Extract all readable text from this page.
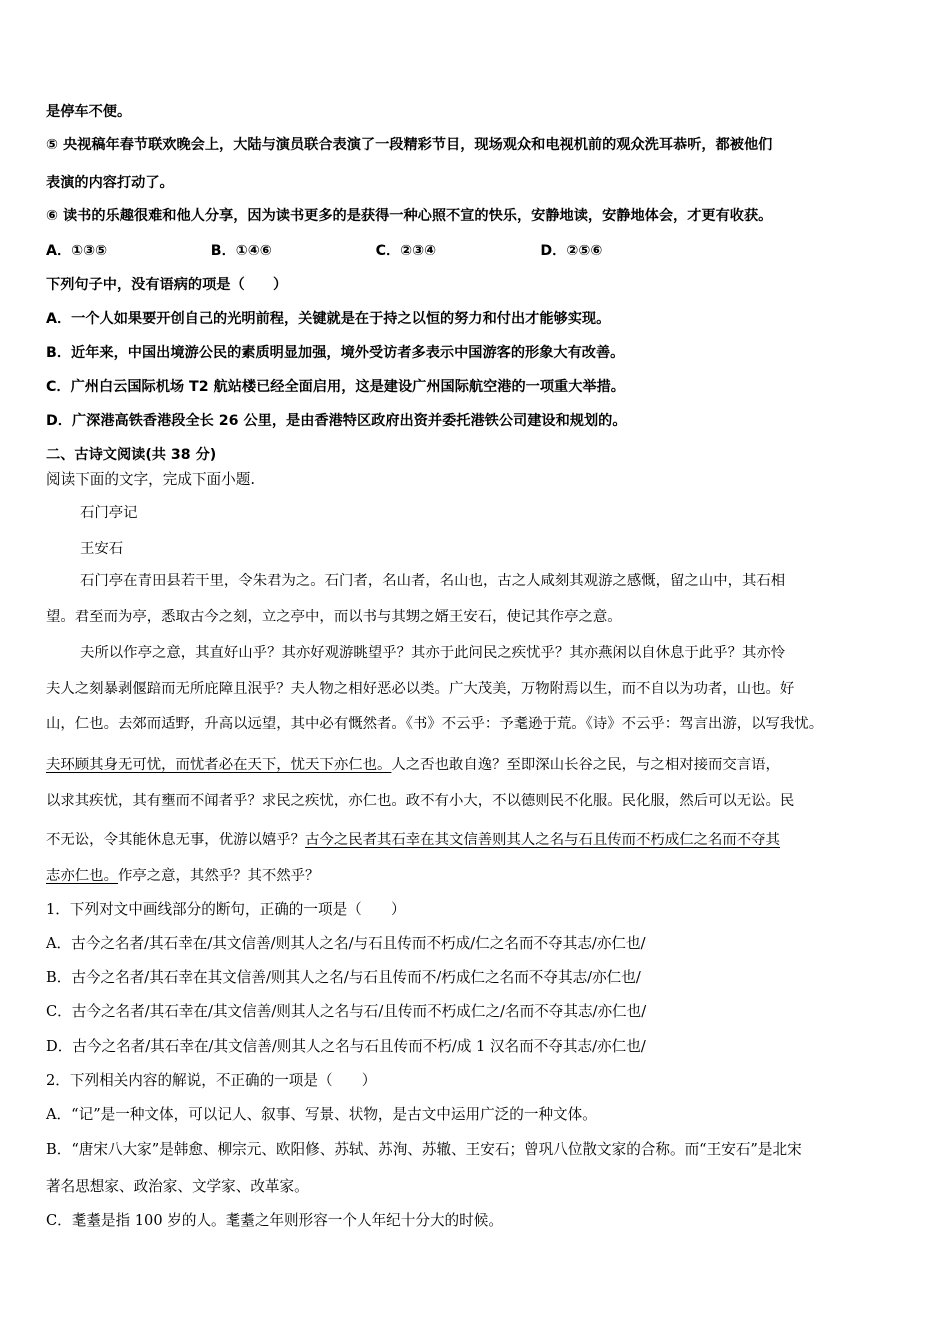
是停车不便。
⑤ 央视稿年春节联欢晚会上，大陆与演员联合表演了一段精彩节目，现场观众和电视机前的观众洗耳恭听，都被他们
表演的内容打动了。
⑥ 读书的乐趣很难和他人分享，因为读书更多的是获得一种心照不宣的快乐，安静地读，安静地体会，才更有收获。
A．①③⑤	B．①④⑥	C．②③④	D．②⑤⑥
下列句子中，没有语病的项是（　　）
A．一个人如果要开创自己的光明前程，关键就是在于持之以恒的努力和付出才能够实现。
B．近年来，中国出境游公民的素质明显加强，境外受访者多表示中国游客的形象大有改善。
C．广州白云国际机场 T2 航站楼已经全面启用，这是建设广州国际航空港的一项重大举措。
D．广深港高铁香港段全长 26 公里，是由香港特区政府出资并委托港铁公司建设和规划的。
二、古诗文阅读(共 38 分)
阅读下面的文字，完成下面小题.
石门亭记
王安石
石门亭在青田县若干里，令朱君为之。石门者，名山者，名山也，古之人咸刻其观游之感慨，留之山中，其石相
望。君至而为亭，悉取古今之刻，立之亭中，而以书与其甥之婿王安石，使记其作亭之意。
夫所以作亭之意，其直好山乎？其亦好观游眺望乎？其亦于此问民之疾忧乎？其亦燕闲以自休息于此乎？其亦怜
夫人之刻暴剥偃踣而无所庇障且泯乎？夫人物之相好恶必以类。广大茂美，万物附焉以生，而不自以为功者，山也。好
山，仁也。去郊而适野，升高以远望，其中必有慨然者。《书》不云乎：予耄逊于荒。《诗》不云乎：驾言出游，以写我忧。
夫环顾其身无可忧，而忧者必在天下，忧天下亦仁也。人之否也敢自逸？至即深山长谷之民，与之相对接而交言语，
以求其疾忧，其有壅而不闻者乎？求民之疾忧，亦仁也。政不有小大，不以德则民不化服。民化服，然后可以无讼。民
不无讼，令其能休息无事，优游以嬉乎？古今之民者其石幸在其文信善则其人之名与石且传而不朽成仁之名而不夺其
志亦仁也。作亭之意，其然乎？其不然乎？
1．下列对文中画线部分的断句，正确的一项是（　　）
A．古今之名者/其石幸在/其文信善/则其人之名/与石且传而不朽成/仁之名而不夺其志/亦仁也/
B．古今之名者/其石幸在其文信善/则其人之名/与石且传而不/朽成仁之名而不夺其志/亦仁也/
C．古今之名者/其石幸在/其文信善/则其人之名与石/且传而不朽成仁之/名而不夺其志/亦仁也/
D．古今之名者/其石幸在/其文信善/则其人之名与石且传而不朽/成 1 汉名而不夺其志/亦仁也/
2．下列相关内容的解说，不正确的一项是（　　）
A．“记”是一种文体，可以记人、叙事、写景、状物，是古文中运用广泛的一种文体。
B．“唐宋八大家”是韩愈、柳宗元、欧阳修、苏轼、苏洵、苏辙、王安石；曾巩八位散文家的合称。而“王安石”是北宋
著名思想家、政治家、文学家、改革家。
C．耄耋是指 100 岁的人。耄耋之年则形容一个人年纪十分大的时候。
